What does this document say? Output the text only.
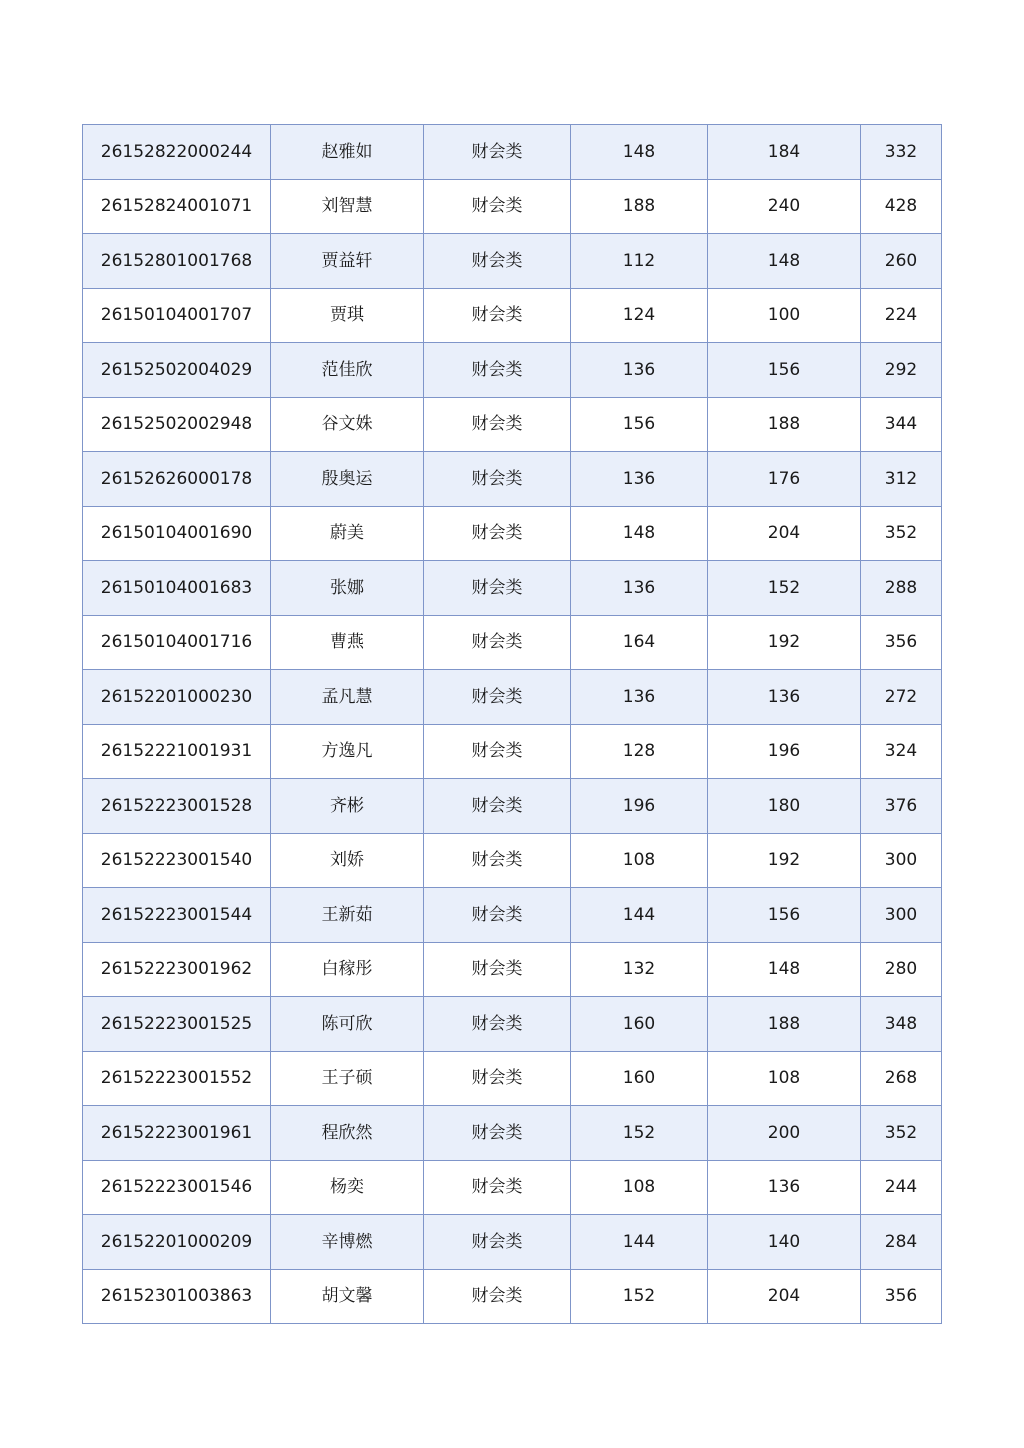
26152822000244	赵雅如	财会类	148	184	332
26152824001071	刘智慧	财会类	188	240	428
26152801001768	贾益轩	财会类	112	148	260
26150104001707	贾琪	财会类	124	100	224
26152502004029	范佳欣	财会类	136	156	292
26152502002948	谷文姝	财会类	156	188	344
26152626000178	殷奥运	财会类	136	176	312
26150104001690	蔚美	财会类	148	204	352
26150104001683	张娜	财会类	136	152	288
26150104001716	曹燕	财会类	164	192	356
26152201000230	孟凡慧	财会类	136	136	272
26152221001931	方逸凡	财会类	128	196	324
26152223001528	齐彬	财会类	196	180	376
26152223001540	刘娇	财会类	108	192	300
26152223001544	王新茹	财会类	144	156	300
26152223001962	白稼彤	财会类	132	148	280
26152223001525	陈可欣	财会类	160	188	348
26152223001552	王子硕	财会类	160	108	268
26152223001961	程欣然	财会类	152	200	352
26152223001546	杨奕	财会类	108	136	244
26152201000209	辛博燃	财会类	144	140	284
26152301003863	胡文馨	财会类	152	204	356
